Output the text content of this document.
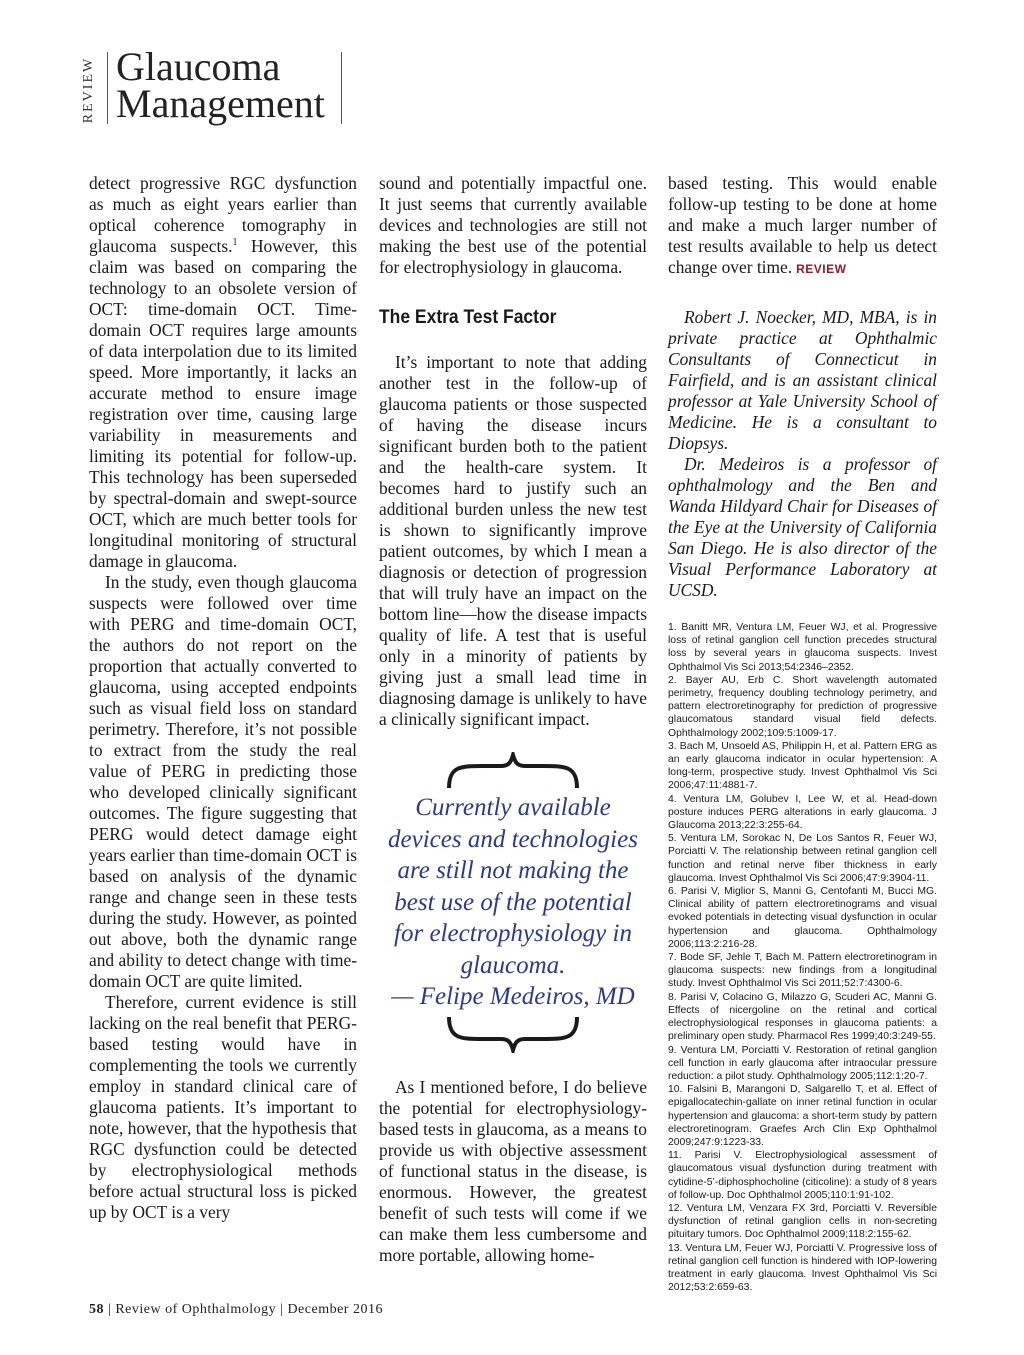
REVIEW Glaucoma
Management

detect progressive RGC dysfunction as much as eight years earlier than optical coherence tomography in glaucoma suspects.$^1$ However, this claim was based on comparing the technology to an obsolete version of OCT: time-domain OCT. Time-domain OCT requires large amounts of data interpolation due to its limited speed. More importantly, it lacks an accurate method to ensure image registration over time, causing large variability in measurements and limiting its potential for follow-up. This technology has been superseded by spectral-domain and swept-source OCT, which are much better tools for longitudinal monitoring of structural damage in glaucoma.

In the study, even though glaucoma suspects were followed over time with PERG and time-domain OCT, the authors do not report on the proportion that actually converted to glaucoma, using accepted endpoints such as visual field loss on standard perimetry. Therefore, it’s not possible to extract from the study the real value of PERG in predicting those who developed clinically significant outcomes. The figure suggesting that PERG would detect damage eight years earlier than time-domain OCT is based on analysis of the dynamic range and change seen in these tests during the study. However, as pointed out above, both the dynamic range and ability to detect change with time-domain OCT are quite limited.

Therefore, current evidence is still lacking on the real benefit that PERG-based testing would have in complementing the tools we currently employ in standard clinical care of glaucoma patients. It’s important to note, however, that the hypothesis that RGC dysfunction could be detected by electrophysiological methods before actual structural loss is picked up by OCT is a very

sound and potentially impactful one. It just seems that currently available devices and technologies are still not making the best use of the potential for electrophysiology in glaucoma.

The Extra Test Factor

It’s important to note that adding another test in the follow-up of glaucoma patients or those suspected of having the disease incurs significant burden both to the patient and the health-care system. It becomes hard to justify such an additional burden unless the new test is shown to significantly improve patient outcomes, by which I mean a diagnosis or detection of progression that will truly have an impact on the bottom line—how the disease impacts quality of life. A test that is useful only in a minority of patients by giving just a small lead time in diagnosing damage is unlikely to have a clinically significant impact.

Currently available devices and technologies are still not making the best use of the potential for electrophysiology in glaucoma.
— Felipe Medeiros, MD

As I mentioned before, I do believe the potential for electrophysiology-based tests in glaucoma, as a means to provide us with objective assessment of functional status in the disease, is enormous. However, the greatest benefit of such tests will come if we can make them less cumbersome and more portable, allowing home-

based testing. This would enable follow-up testing to be done at home and make a much larger number of test results available to help us detect change over time. REVIEW

Robert J. Noecker, MD, MBA, is in private practice at Ophthalmic Consultants of Connecticut in Fairfield, and is an assistant clinical professor at Yale University School of Medicine. He is a consultant to Diopsys.

Dr. Medeiros is a professor of ophthalmology and the Ben and Wanda Hildyard Chair for Diseases of the Eye at the University of California San Diego. He is also director of the Visual Performance Laboratory at UCSD.

1. Banitt MR, Ventura LM, Feuer WJ, et al. Progressive loss of retinal ganglion cell function precedes structural loss by several years in glaucoma suspects. Invest Ophthalmol Vis Sci 2013;54:2346–2352.
2. Bayer AU, Erb C. Short wavelength automated perimetry, frequency doubling technology perimetry, and pattern electroretinography for prediction of progressive glaucomatous standard visual field defects. Ophthalmology 2002;109:5:1009-17.
3. Bach M, Unsoeld AS, Philippin H, et al. Pattern ERG as an early glaucoma indicator in ocular hypertension: A long-term, prospective study. Invest Ophthalmol Vis Sci 2006;47:11:4881-7.
4. Ventura LM, Golubev I, Lee W, et al. Head-down posture induces PERG alterations in early glaucoma. J Glaucoma 2013;22:3:255-64.
5. Ventura LM, Sorokac N, De Los Santos R, Feuer WJ, Porciatti V. The relationship between retinal ganglion cell function and retinal nerve fiber thickness in early glaucoma. Invest Ophthalmol Vis Sci 2006;47:9:3904-11.
6. Parisi V, Miglior S, Manni G, Centofanti M, Bucci MG. Clinical ability of pattern electroretinograms and visual evoked potentials in detecting visual dysfunction in ocular hypertension and glaucoma. Ophthalmology 2006;113:2:216-28.
7. Bode SF, Jehle T, Bach M. Pattern electroretinogram in glaucoma suspects: new findings from a longitudinal study. Invest Ophthalmol Vis Sci 2011;52:7:4300-6.
8. Parisi V, Colacino G, Milazzo G, Scuderi AC, Manni G. Effects of nicergoline on the retinal and cortical electrophysiological responses in glaucoma patients: a preliminary open study. Pharmacol Res 1999;40:3:249-55.
9. Ventura LM, Porciatti V. Restoration of retinal ganglion cell function in early glaucoma after intraocular pressure reduction: a pilot study. Ophthalmology 2005;112:1:20-7.
10. Falsini B, Marangoni D, Salgarello T, et al. Effect of epigallocatechin-gallate on inner retinal function in ocular hypertension and glaucoma: a short-term study by pattern electroretinogram. Graefes Arch Clin Exp Ophthalmol 2009;247:9:1223-33.
11. Parisi V. Electrophysiological assessment of glaucomatous visual dysfunction during treatment with cytidine-5’-diphosphocholine (citicoline): a study of 8 years of follow-up. Doc Ophthalmol 2005;110:1:91-102.
12. Ventura LM, Venzara FX 3rd, Porciatti V. Reversible dysfunction of retinal ganglion cells in non-secreting pituitary tumors. Doc Ophthalmol 2009;118:2:155-62.
13. Ventura LM, Feuer WJ, Porciatti V. Progressive loss of retinal ganglion cell function is hindered with IOP-lowering treatment in early glaucoma. Invest Ophthalmol Vis Sci 2012;53:2:659-63.
58 | Review of Ophthalmology | December 2016
